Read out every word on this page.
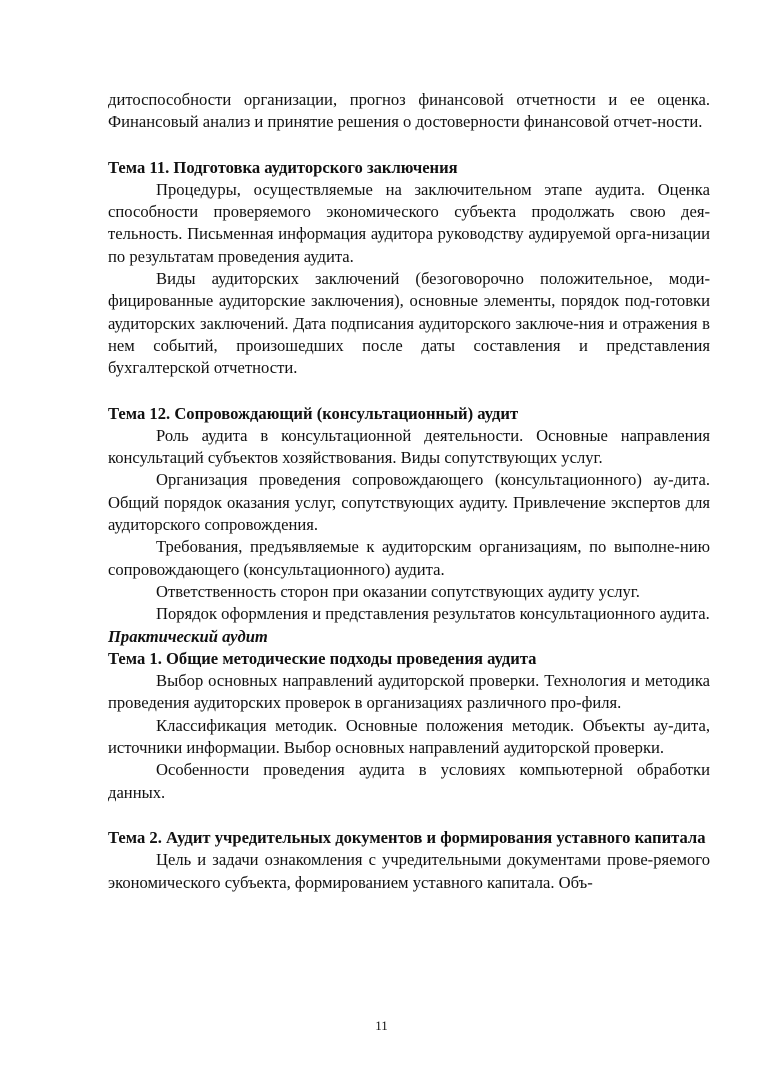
дитоспособности организации, прогноз финансовой отчетности и ее оценка. Финансовый анализ и принятие решения о достоверности финансовой отчет-ности.

Тема 11. Подготовка аудиторского заключения

Процедуры, осуществляемые на заключительном этапе аудита. Оценка способности проверяемого экономического субъекта продолжать свою дея-тельность. Письменная информация аудитора руководству аудируемой орга-низации по результатам проведения аудита.

Виды аудиторских заключений (безоговорочно положительное, моди-фицированные аудиторские заключения), основные элементы, порядок под-готовки аудиторских заключений. Дата подписания аудиторского заключе-ния и отражения в нем событий, произошедших после даты составления и представления бухгалтерской отчетности.

Тема 12. Сопровождающий (консультационный) аудит

Роль аудита в консультационной деятельности. Основные направления консультаций субъектов хозяйствования. Виды сопутствующих услуг.

Организация проведения сопровождающего (консультационного) ау-дита. Общий порядок оказания услуг, сопутствующих аудиту. Привлечение экспертов для аудиторского сопровождения.

Требования, предъявляемые к аудиторским организациям, по выполне-нию сопровождающего (консультационного) аудита.

Ответственность сторон при оказании сопутствующих аудиту услуг.

Порядок оформления и представления результатов консультационного аудита.

Практический аудит

Тема 1. Общие методические подходы проведения аудита

Выбор основных направлений аудиторской проверки. Технология и методика проведения аудиторских проверок в организациях различного про-филя.

Классификация методик. Основные положения методик. Объекты ау-дита, источники информации. Выбор основных направлений аудиторской проверки.

Особенности проведения аудита в условиях компьютерной обработки данных.

Тема 2. Аудит учредительных документов и формирования уставного капитала

Цель и задачи ознакомления с учредительными документами прове-ряемого экономического субъекта, формированием уставного капитала. Объ-

11
